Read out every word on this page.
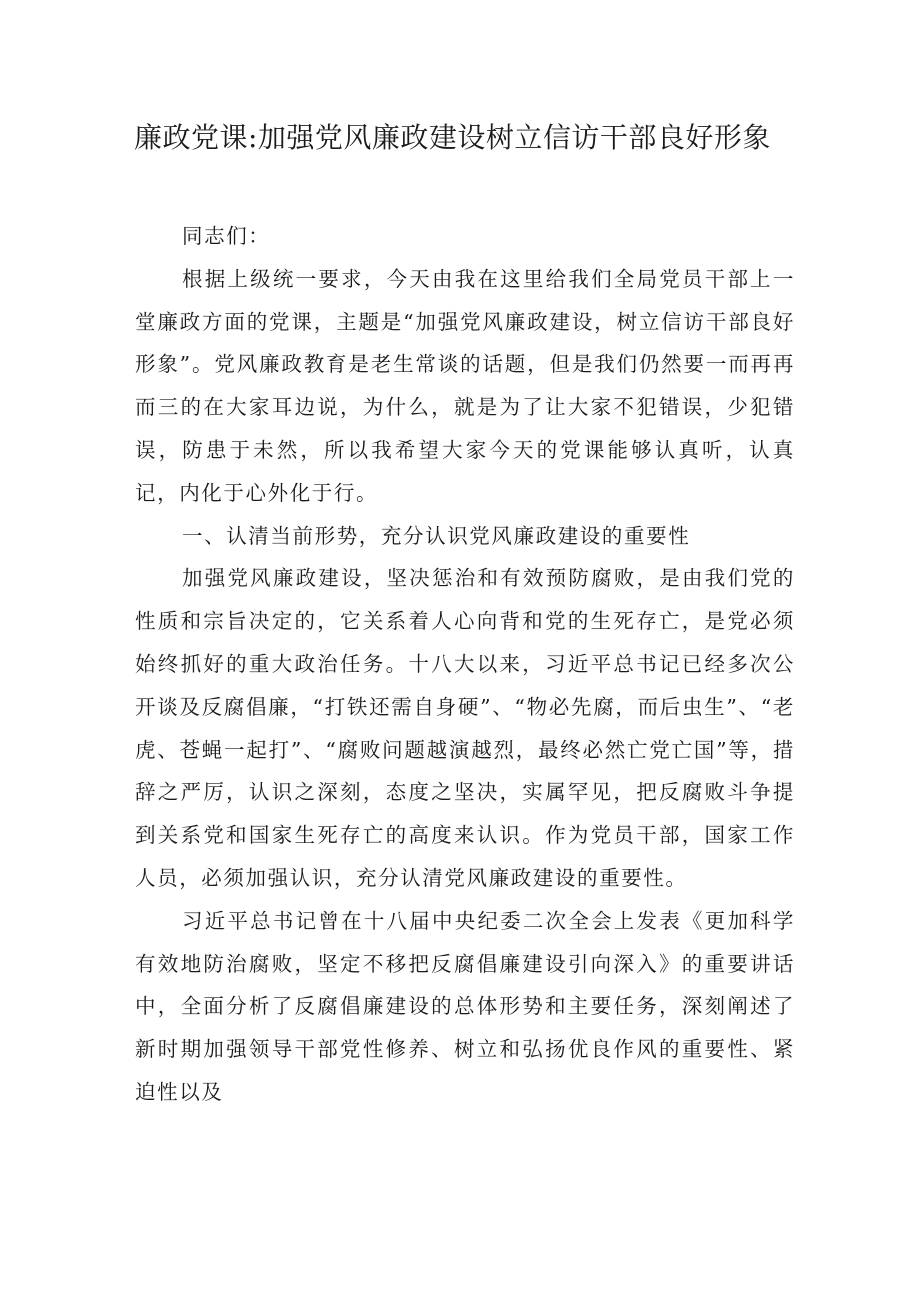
廉政党课:加强党风廉政建设树立信访干部良好形象

同志们：

根据上级统一要求，今天由我在这里给我们全局党员干部上一堂廉政方面的党课，主题是“加强党风廉政建设，树立信访干部良好形象”。党风廉政教育是老生常谈的话题，但是我们仍然要一而再再而三的在大家耳边说，为什么，就是为了让大家不犯错误，少犯错误，防患于未然，所以我希望大家今天的党课能够认真听，认真记，内化于心外化于行。

一、认清当前形势，充分认识党风廉政建设的重要性

加强党风廉政建设，坚决惩治和有效预防腐败，是由我们党的性质和宗旨决定的，它关系着人心向背和党的生死存亡，是党必须始终抓好的重大政治任务。十八大以来，习近平总书记已经多次公开谈及反腐倡廉，“打铁还需自身硬”、“物必先腐，而后虫生”、“老虎、苍蝇一起打”、“腐败问题越演越烈，最终必然亡党亡国”等，措辞之严厉，认识之深刻，态度之坚决，实属罕见，把反腐败斗争提到关系党和国家生死存亡的高度来认识。作为党员干部，国家工作人员，必须加强认识，充分认清党风廉政建设的重要性。

习近平总书记曾在十八届中央纪委二次全会上发表《更加科学有效地防治腐败，坚定不移把反腐倡廉建设引向深入》的重要讲话中，全面分析了反腐倡廉建设的总体形势和主要任务，深刻阐述了新时期加强领导干部党性修养、树立和弘扬优良作风的重要性、紧迫性以及
